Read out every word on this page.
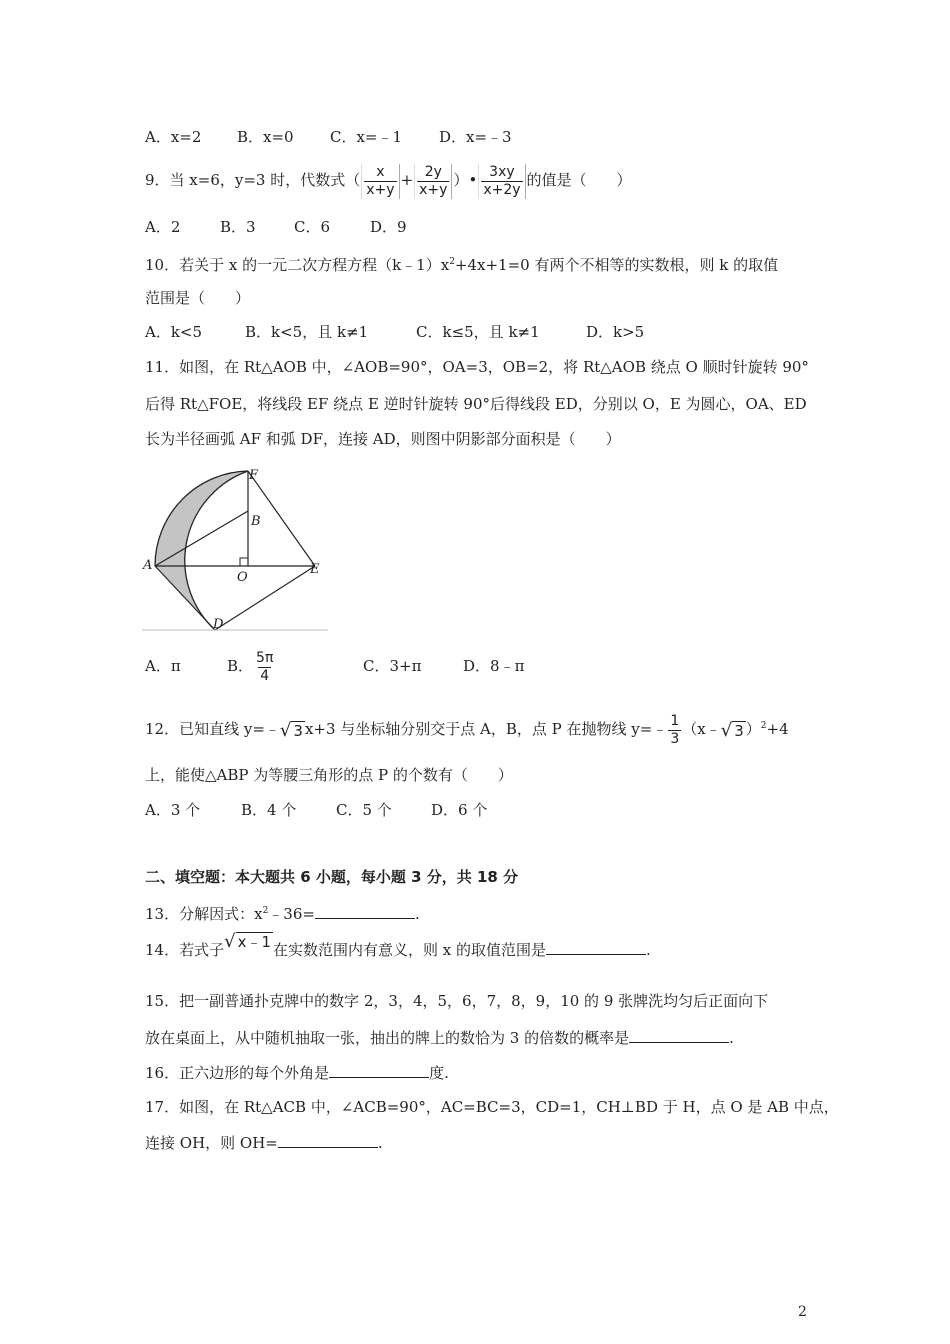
A．x=2 B．x=0 C．x=﹣1 D．x=﹣3
9．当 x=6，y=3 时，代数式（ $\frac{x}{x+y} + \frac{2y}{x+y}$ ）• $\frac{3xy}{x+2y}$ 的值是（　　）
A．2	B．3	C．6	D．9
10．若关于 x 的一元二次方程方程$(k﹣1)x^2+4x+1=0$ 有两个不相等的实数根，则 k 的取值
范围是（　　）
A．k<5	B．k<5，且 k≠1	C．k≤5，且 k≠1	D．k>5
11．如图，在 Rt△AOB 中，∠AOB=90°，OA=3，OB=2，将 Rt△AOB 绕点 O 顺时针旋转 90°
后得 Rt△FOE，将线段 EF 绕点 E 逆时针旋转 90°后得线段 ED，分别以 O，E 为圆心，OA、ED
长为半径画弧 AF 和弧 DF，连接 AD，则图中阴影部分面积是（　　）
F
B
A
O
E
D
A．π	B． $\frac{5\pi}{4}$	C．3+π	D．8﹣π
12．已知直线 y=﹣ √ 3 x+3 与坐标轴分别交于点 A，B，点 P 在抛物线 y=﹣ $\frac{1}{3}$ （x﹣ √ 3 ）$^2$+4
上，能使△ABP 为等腰三角形的点 P 的个数有（　　）
A．3 个	B．4 个	C．5 个	D．6 个
二、填空题：本大题共 6 小题，每小题 3 分，共 18 分
13．分解因式：$x^2﹣36=$	.
14．若式子 √ x﹣1 在实数范围内有意义，则 x 的取值范围是	.
15．把一副普通扑克牌中的数字 2，3，4，5，6，7，8，9，10 的 9 张牌洗均匀后正面向下
放在桌面上，从中随机抽取一张，抽出的牌上的数恰为 3 的倍数的概率是	.
16．正六边形的每个外角是	度.
17．如图，在 Rt△ACB 中，∠ACB=90°，AC=BC=3，CD=1，CH⊥BD 于 H，点 O 是 AB 中点，
连接 OH，则 OH=	.
2
